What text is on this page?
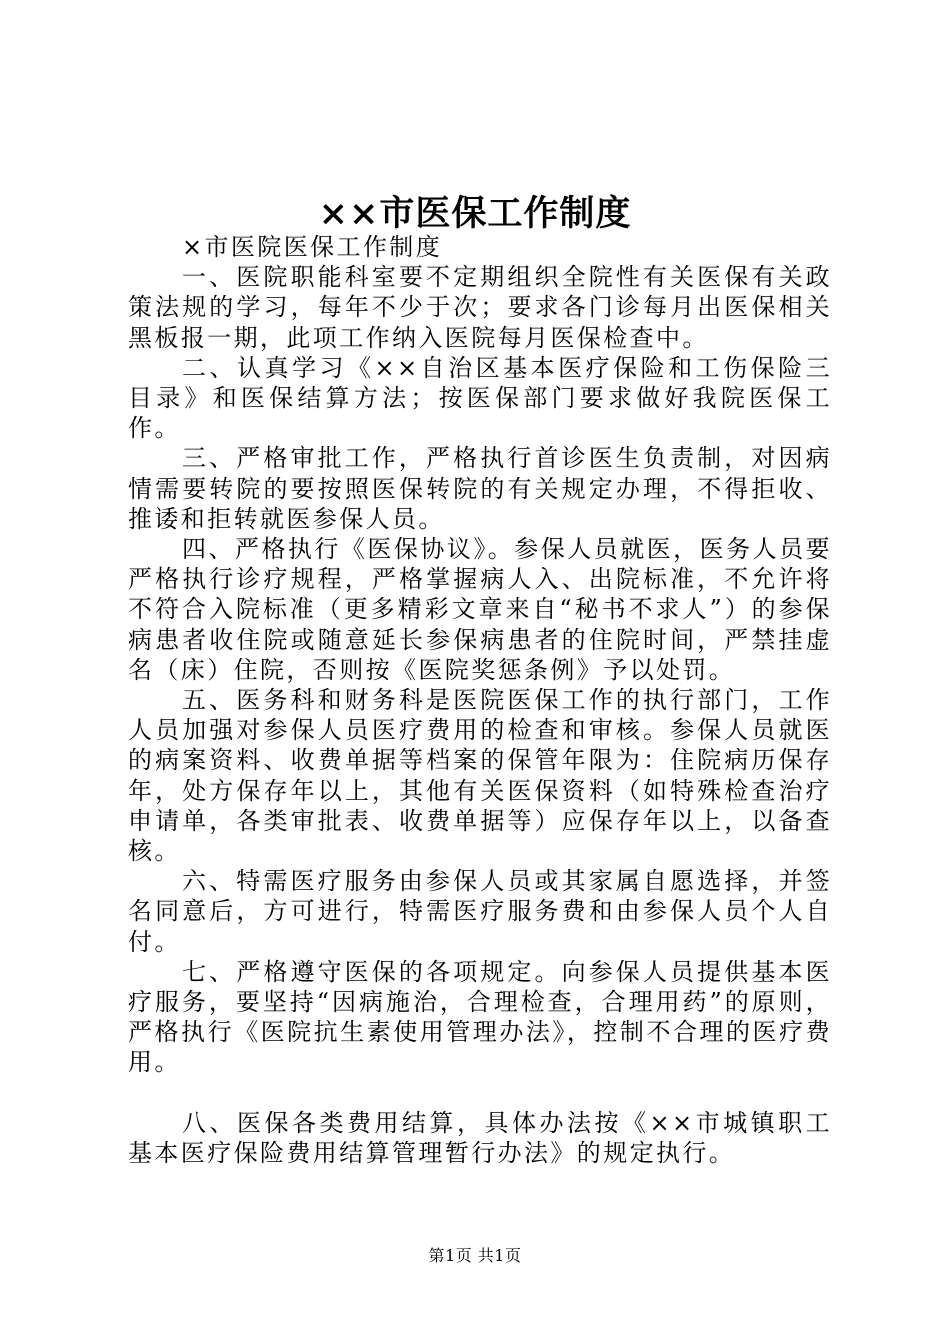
××市医保工作制度

×市医院医保工作制度

一、医院职能科室要不定期组织全院性有关医保有关政策法规的学习，每年不少于次；要求各门诊每月出医保相关黑板报一期，此项工作纳入医院每月医保检查中。

二、认真学习《××自治区基本医疗保险和工伤保险三目录》和医保结算方法；按医保部门要求做好我院医保工作。

三、严格审批工作，严格执行首诊医生负责制，对因病情需要转院的要按照医保转院的有关规定办理，不得拒收、推诿和拒转就医参保人员。

四、严格执行《医保协议》。参保人员就医，医务人员要严格执行诊疗规程，严格掌握病人入、出院标准，不允许将不符合入院标准（更多精彩文章来自“秘书不求人”）的参保病患者收住院或随意延长参保病患者的住院时间，严禁挂虚名（床）住院，否则按《医院奖惩条例》予以处罚。

五、医务科和财务科是医院医保工作的执行部门，工作人员加强对参保人员医疗费用的检查和审核。参保人员就医的病案资料、收费单据等档案的保管年限为：住院病历保存年，处方保存年以上，其他有关医保资料（如特殊检查治疗申请单，各类审批表、收费单据等）应保存年以上，以备查核。

六、特需医疗服务由参保人员或其家属自愿选择，并签名同意后，方可进行，特需医疗服务费和由参保人员个人自付。

七、严格遵守医保的各项规定。向参保人员提供基本医疗服务，要坚持“因病施治，合理检查，合理用药”的原则，严格执行《医院抗生素使用管理办法》，控制不合理的医疗费用。

八、医保各类费用结算，具体办法按《××市城镇职工基本医疗保险费用结算管理暂行办法》的规定执行。

第1页 共1页
